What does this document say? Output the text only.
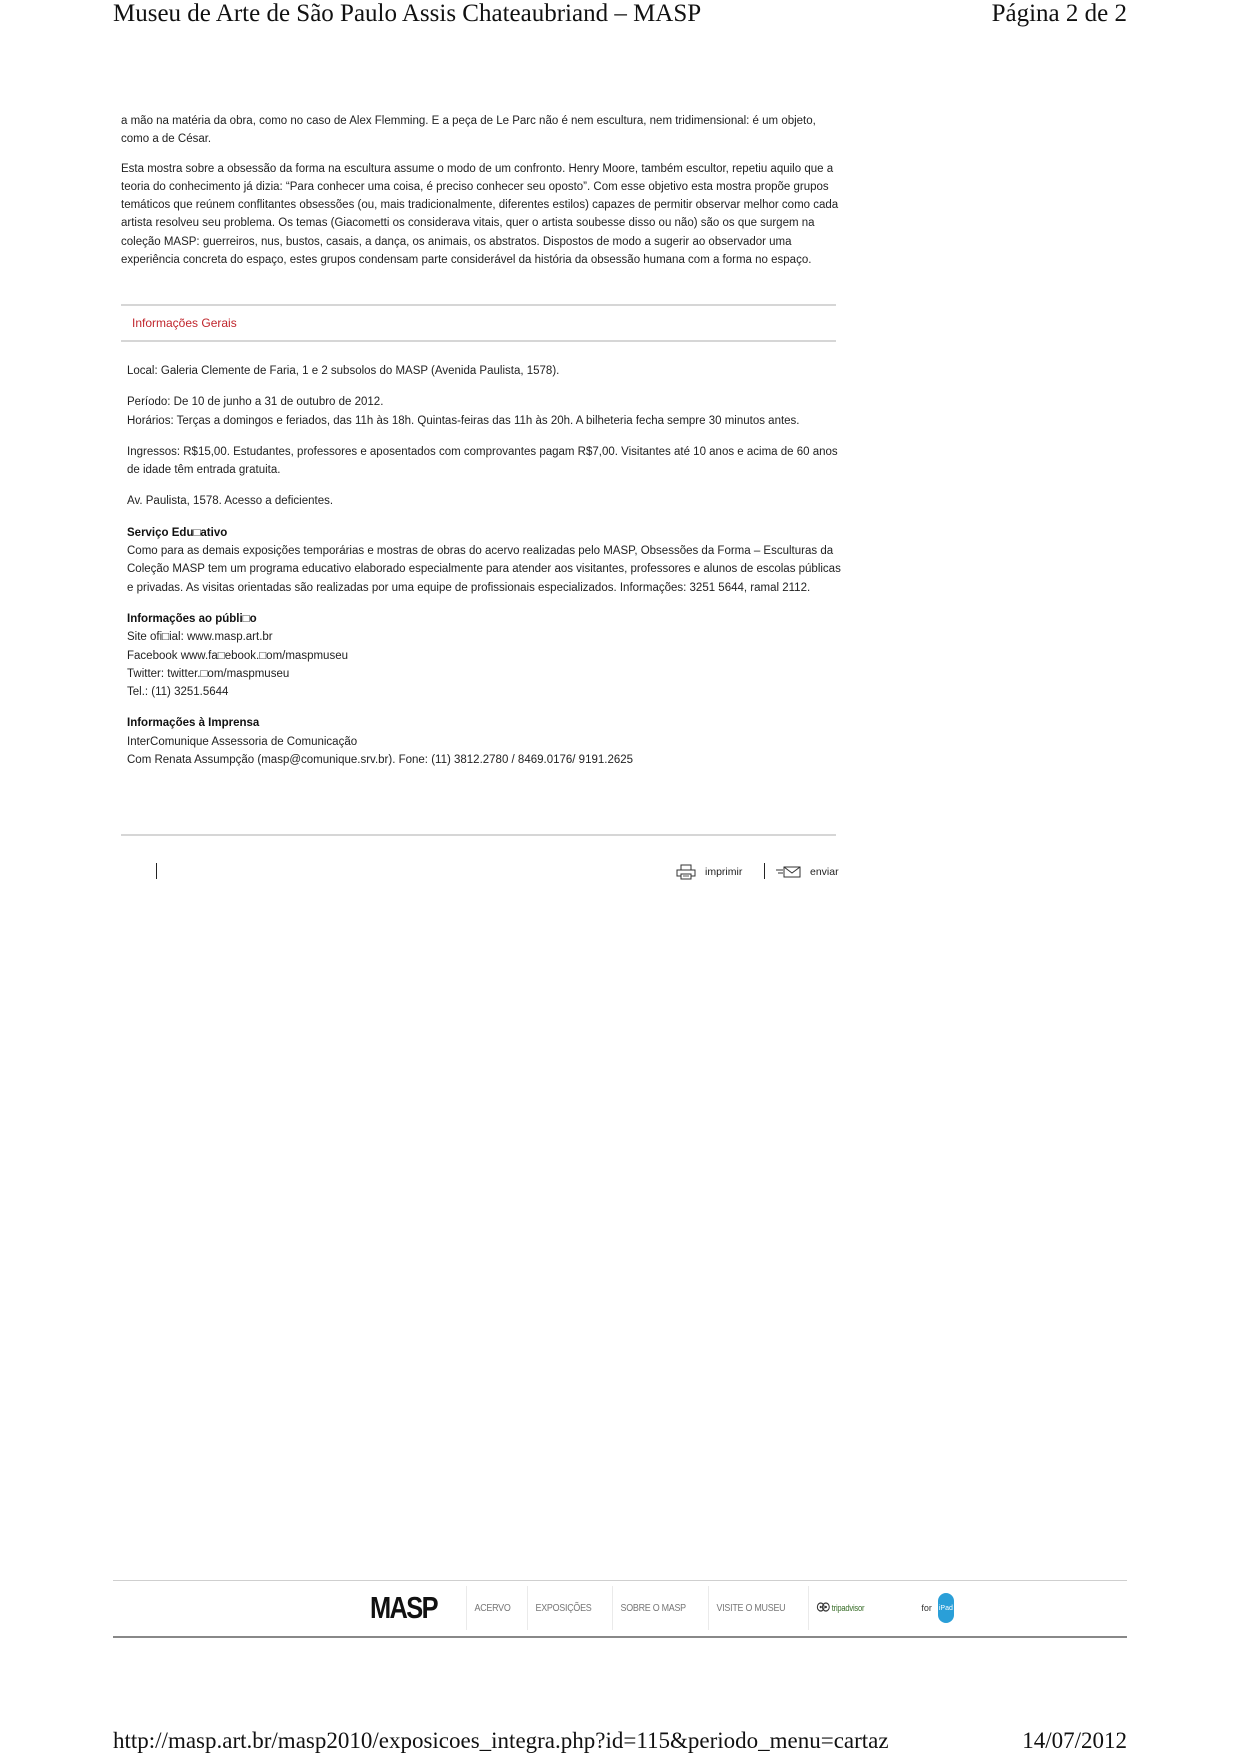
Museu de Arte de São Paulo Assis Chateaubriand – MASP	Página 2 de 2

a mão na matéria da obra, como no caso de Alex Flemming. E a peça de Le Parc não é nem escultura, nem tridimensional: é um objeto, como a de César.

Esta mostra sobre a obsessão da forma na escultura assume o modo de um confronto. Henry Moore, também escultor, repetiu aquilo que a teoria do conhecimento já dizia: “Para conhecer uma coisa, é preciso conhecer seu oposto”. Com esse objetivo esta mostra propõe grupos temáticos que reúnem conflitantes obsessões (ou, mais tradicionalmente, diferentes estilos) capazes de permitir observar melhor como cada artista resolveu seu problema. Os temas (Giacometti os considerava vitais, quer o artista soubesse disso ou não) são os que surgem na coleção MASP: guerreiros, nus, bustos, casais, a dança, os animais, os abstratos. Dispostos de modo a sugerir ao observador uma experiência concreta do espaço, estes grupos condensam parte considerável da história da obsessão humana com a forma no espaço.

Informações Gerais

Local: Galeria Clemente de Faria, 1 e 2 subsolos do MASP (Avenida Paulista, 1578).

Período: De 10 de junho a 31 de outubro de 2012.

Horários: Terças a domingos e feriados, das 11h às 18h. Quintas-feiras das 11h às 20h. A bilheteria fecha sempre 30 minutos antes.

Ingressos: R$15,00. Estudantes, professores e aposentados com comprovantes pagam R$7,00. Visitantes até 10 anos e acima de 60 anos de idade têm entrada gratuita.

Av. Paulista, 1578. Acesso a deficientes.

Serviço Edu□ativo

Como para as demais exposições temporárias e mostras de obras do acervo realizadas pelo MASP, Obsessões da Forma – Esculturas da Coleção MASP tem um programa educativo elaborado especialmente para atender aos visitantes, professores e alunos de escolas públicas e privadas. As visitas orientadas são realizadas por uma equipe de profissionais especializados. Informações: 3251 5644, ramal 2112.

Informações ao públi□o

Site ofi□ial: www.masp.art.br

Facebook www.fa□ebook.□om/maspmuseu

Twitter: twitter.□om/maspmuseu

Tel.: (11) 3251.5644

Informações à Imprensa

InterComunique Assessoria de Comunicação

Com Renata Assumpção (masp@comunique.srv.br). Fone: (11) 3812.2780 / 8469.0176/ 9191.2625

imprimir	enviar
MASP	ACERVO	EXPOSIÇÕES	SOBRE O MASP	VISITE O MUSEU	tripadvisor	for iPad
http://masp.art.br/masp2010/exposicoes_integra.php?id=115&periodo_menu=cartaz	14/07/2012
